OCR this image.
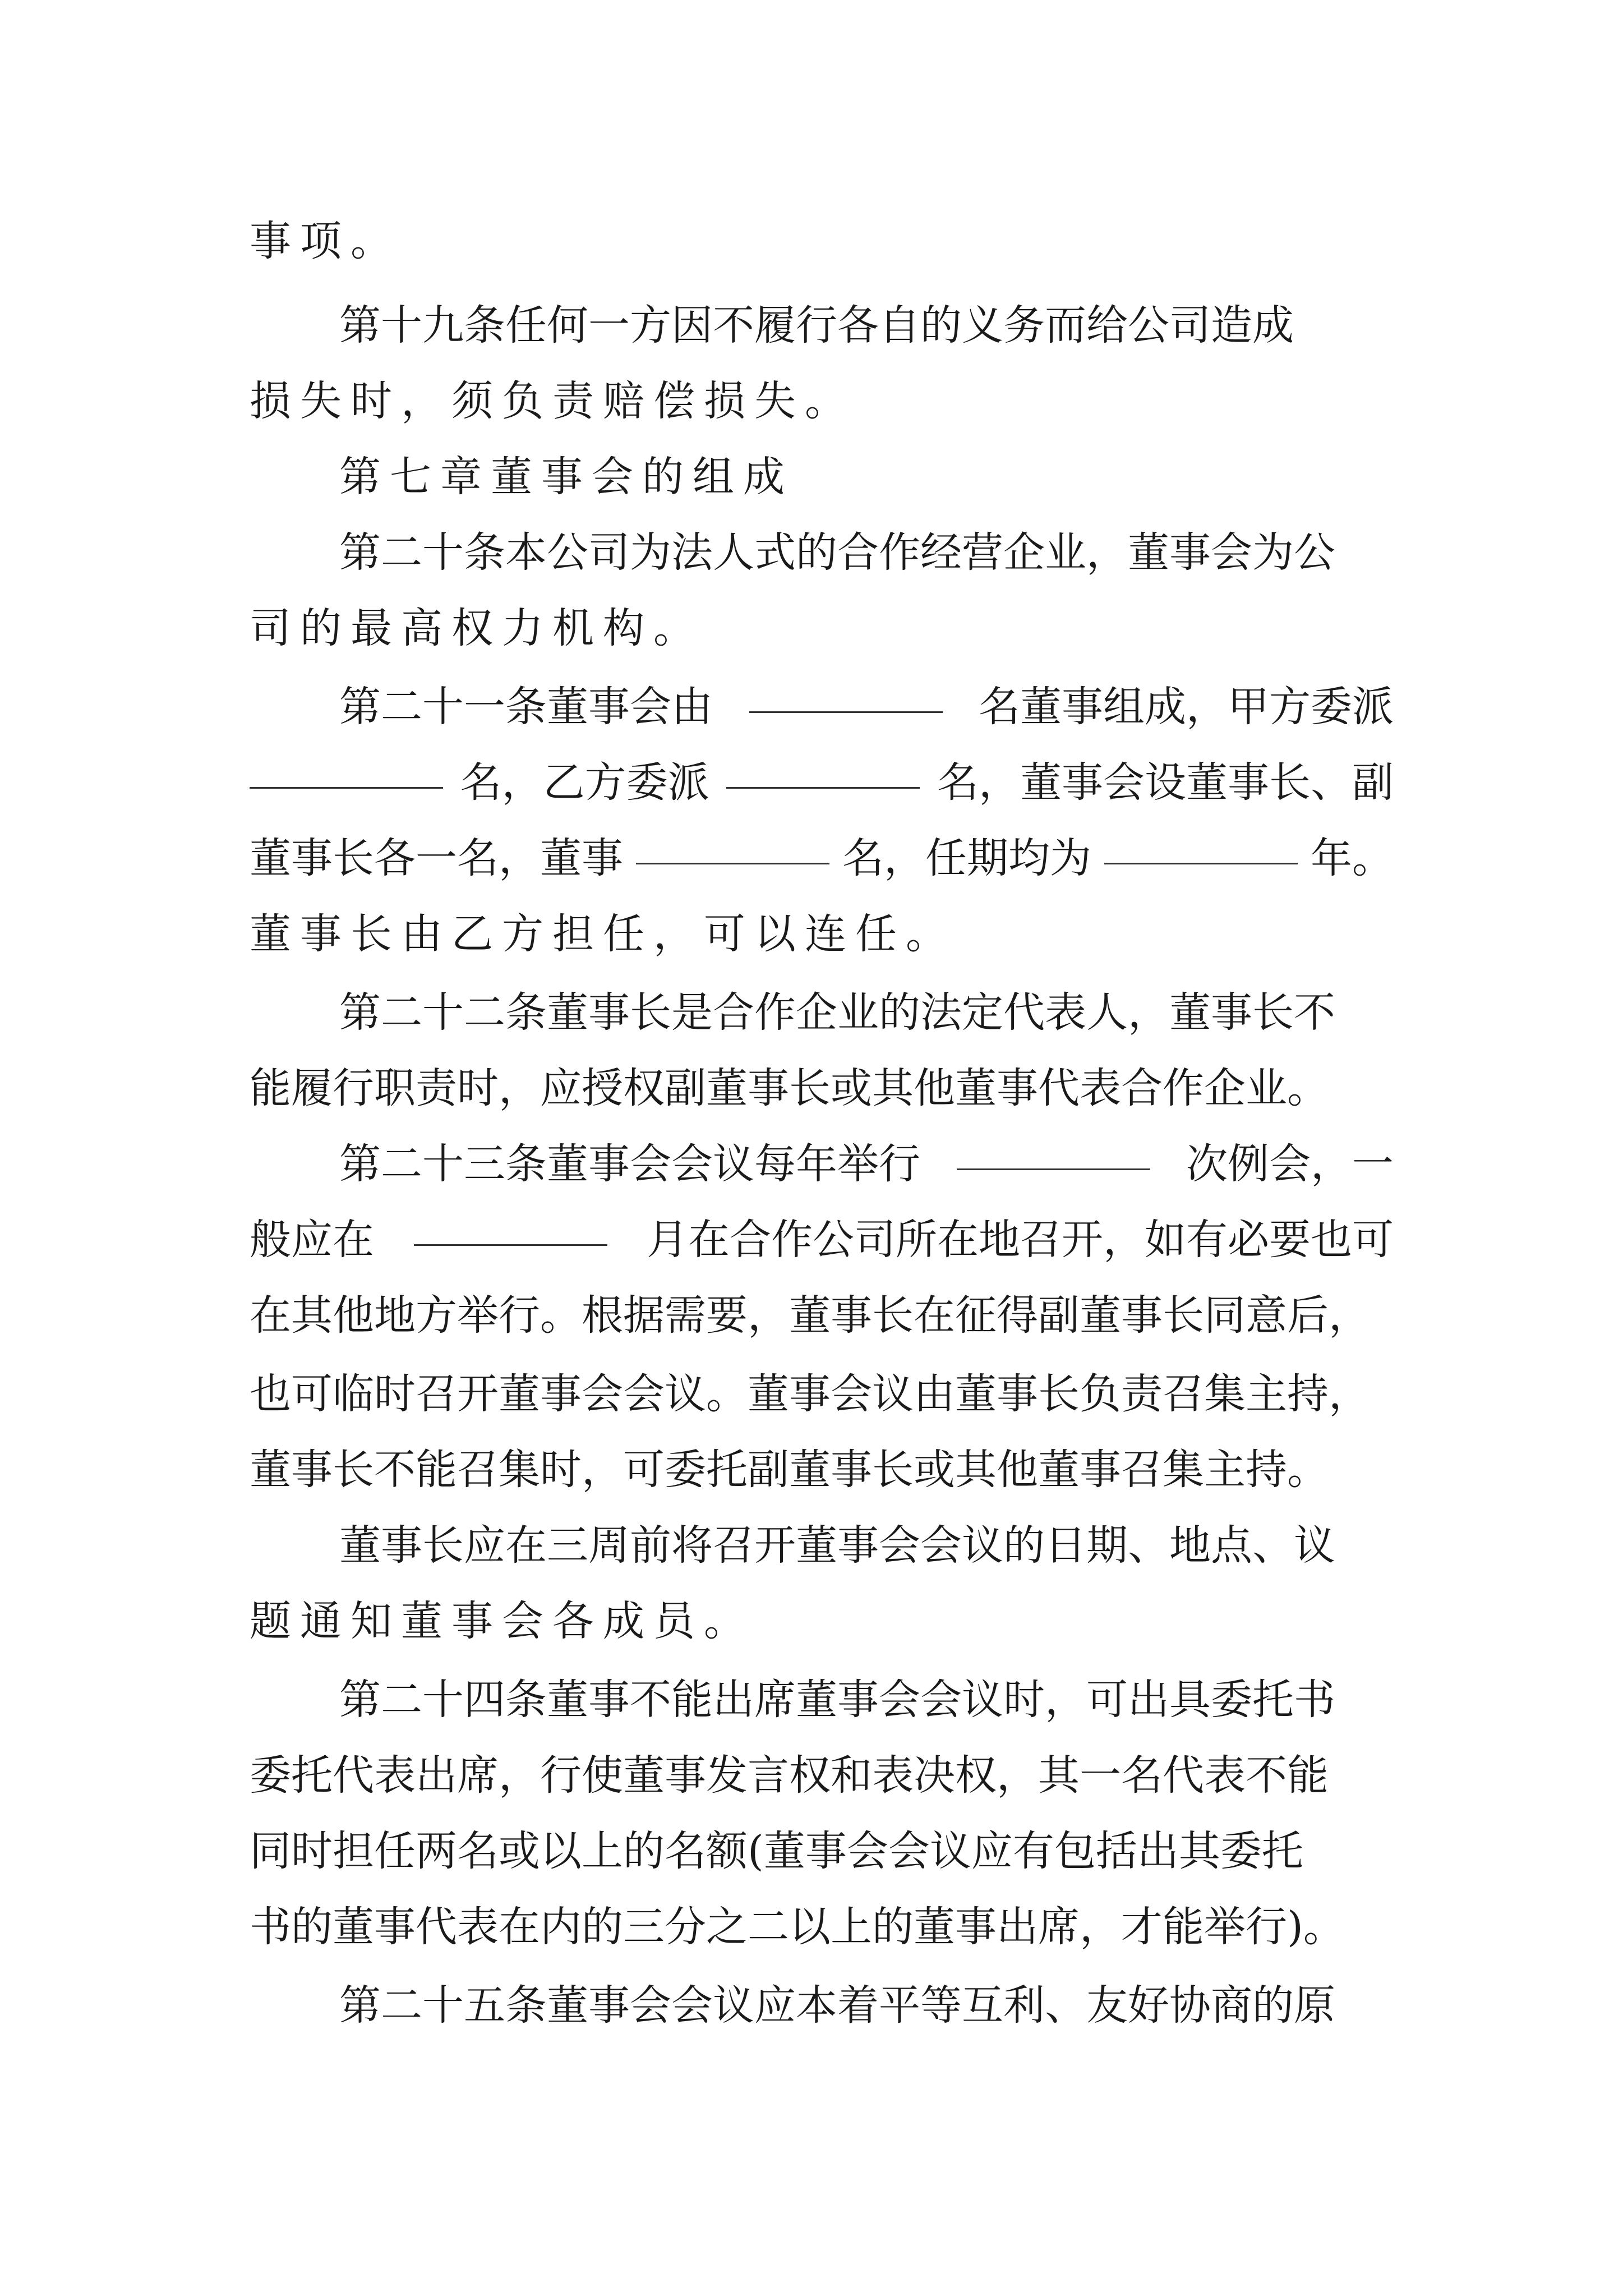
事项。
第十九条任何一方因不履行各自的义务而给公司造成
损失时，须负责赔偿损失。
第七章董事会的组成
第二十条本公司为法人式的合作经营企业，董事会为公
司的最高权力机构。
第二十一条董事会由	名董事组成，甲方委派
名，乙方委派	名，董事会设董事长、副
董事长各一名，董事	名，任期均为	年。
董事长由乙方担任，可以连任。
第二十二条董事长是合作企业的法定代表人，董事长不
能履行职责时，应授权副董事长或其他董事代表合作企业。
第二十三条董事会会议每年举行	次例会，一
般应在	月在合作公司所在地召开，如有必要也可
在其他地方举行。根据需要，董事长在征得副董事长同意后，
也可临时召开董事会会议。董事会议由董事长负责召集主持，
董事长不能召集时，可委托副董事长或其他董事召集主持。
董事长应在三周前将召开董事会会议的日期、地点、议
题通知董事会各成员。
第二十四条董事不能出席董事会会议时，可出具委托书
委托代表出席，行使董事发言权和表决权，其一名代表不能
同时担任两名或以上的名额(董事会会议应有包括出其委托
书的董事代表在内的三分之二以上的董事出席，才能举行)。
第二十五条董事会会议应本着平等互利、友好协商的原
